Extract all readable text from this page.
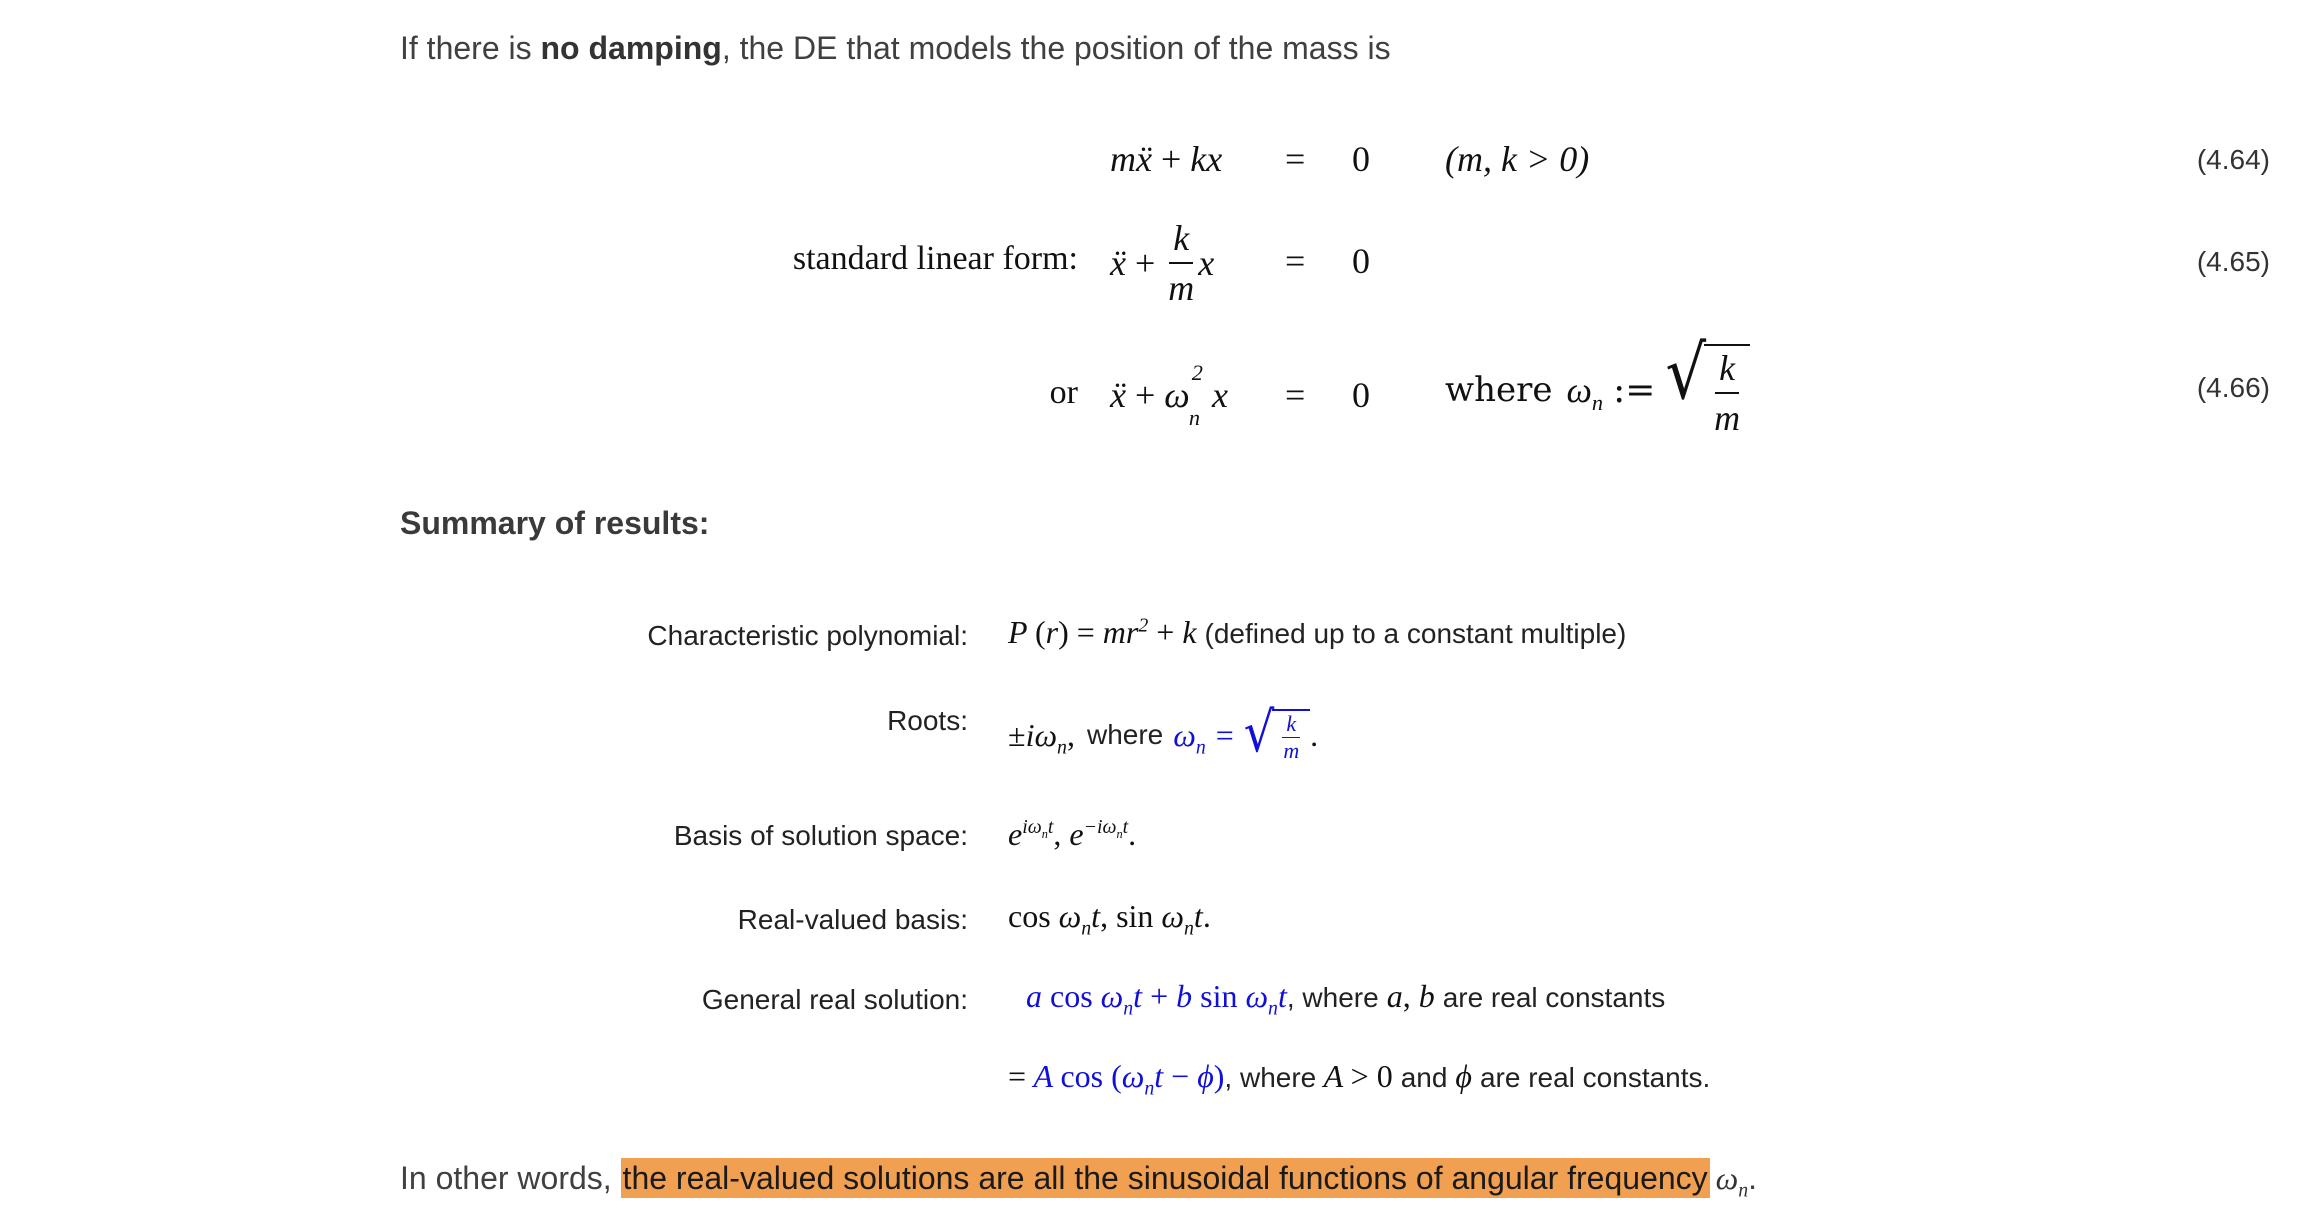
If there is no damping, the DE that models the position of the mass is
mẍ + kx = 0 (m, k > 0)	(4.64)
standard linear form: ẍ + $\frac{k}{m}$ x = 0	(4.65)
or ẍ + $\omega^2_nx = 0$ where $\omega_n$ := √ $\frac{k}{m}$	(4.66)
Summary of results:
Characteristic polynomial: P $(r) = mr^2 + k$ (defined up to a constant multiple)
Roots: $\pm i\omega_n$, where $\omega_n$ = √ $\frac{k}{m}$ .
Basis of solution space: $e^{i\omega_nt}$, $e^{-i\omega_nt}$.
Real-valued basis: $\cos \omega_nt$, $\sin \omega_nt$.
General real solution: a $\cos \omega_nt + b$ $\sin \omega_nt$, where a, b are real constants
= A $\cos (\omega_nt - \phi)$, where A > 0 and ϕ are real constants.
In other words, the real-valued solutions are all the sinusoidal functions of angular frequency $\omega_n$.
